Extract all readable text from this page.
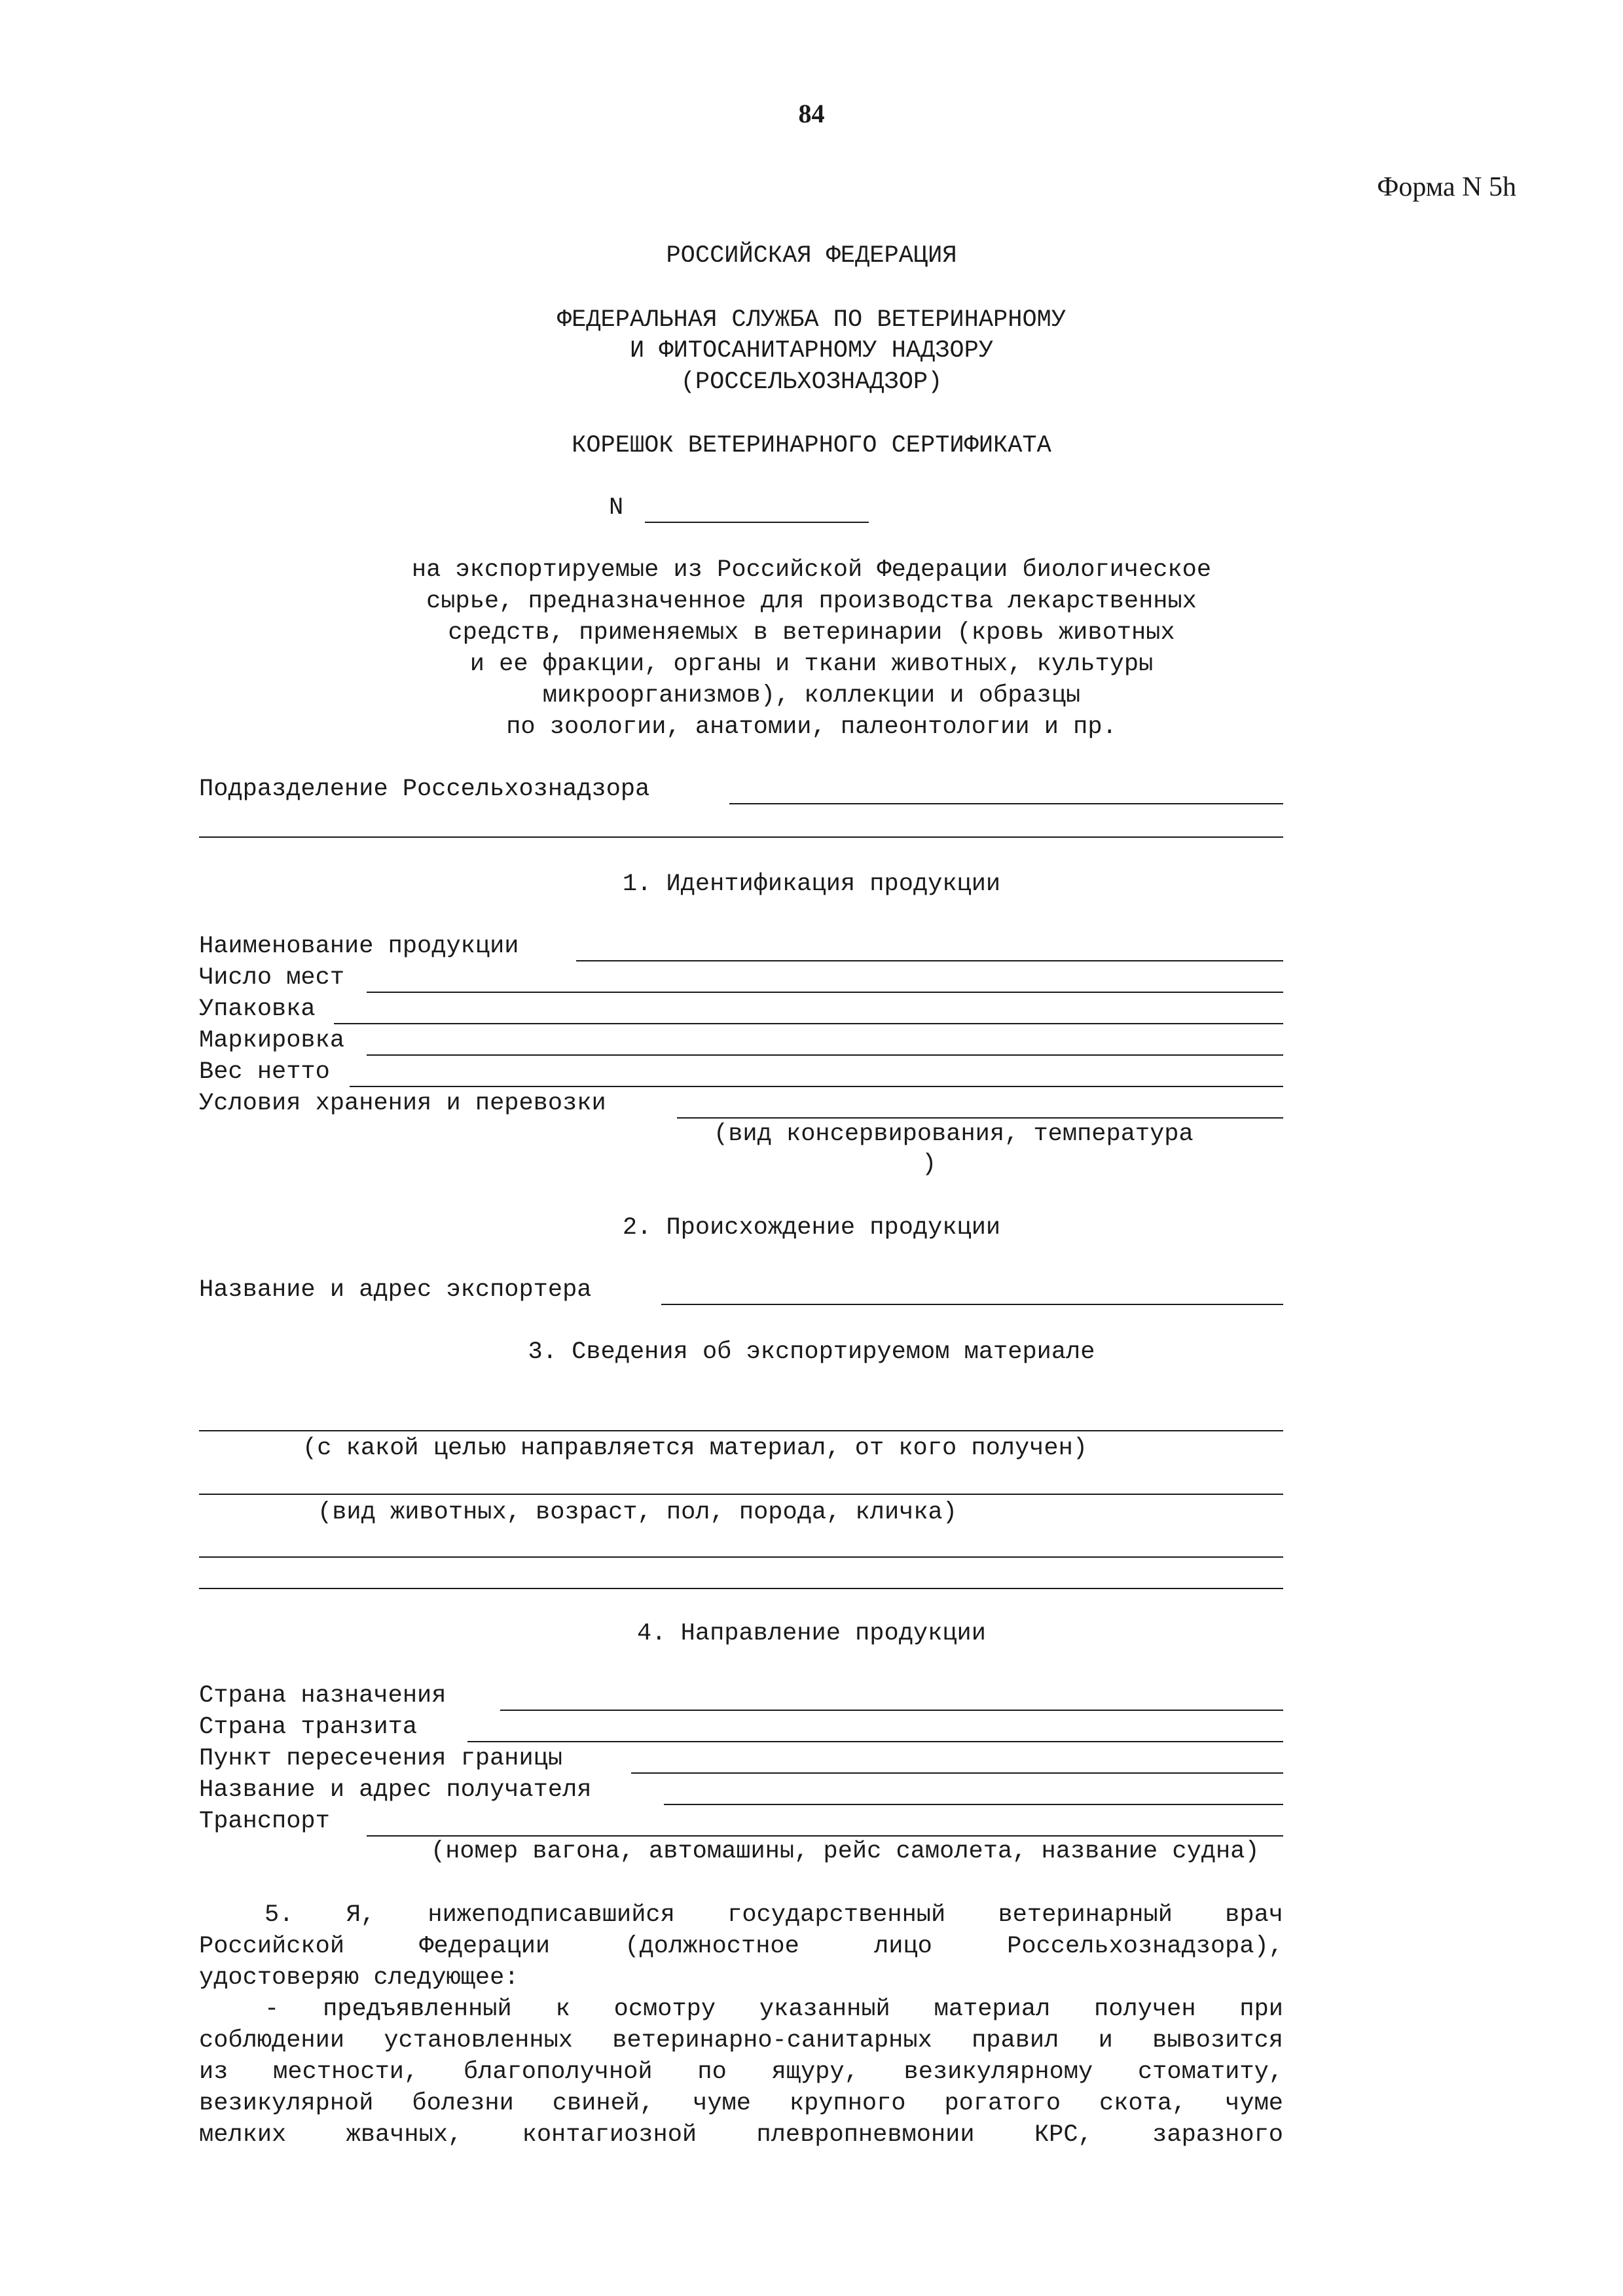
84
Форма N 5h
РОССИЙСКАЯ ФЕДЕРАЦИЯ
ФЕДЕРАЛЬНАЯ СЛУЖБА ПО ВЕТЕРИНАРНОМУ
И ФИТОСАНИТАРНОМУ НАДЗОРУ
(РОССЕЛЬХОЗНАДЗОР)
КОРЕШОК ВЕТЕРИНАРНОГО СЕРТИФИКАТА
N
на экспортируемые из Российской Федерации биологическое
сырье, предназначенное для производства лекарственных
средств, применяемых в ветеринарии (кровь животных
и ее фракции, органы и ткани животных, культуры
микроорганизмов), коллекции и образцы
по зоологии, анатомии, палеонтологии и пр.
Подразделение Россельхознадзора
1. Идентификация продукции
Наименование продукции
Число мест
Упаковка
Маркировка
Вес нетто
Условия хранения и перевозки
(вид консервирования, температура
)
2. Происхождение продукции
Название и адрес экспортера
3. Сведения об экспортируемом материале
(с какой целью направляется материал, от кого получен)
(вид животных, возраст, пол, порода, кличка)
4. Направление продукции
Страна назначения
Страна транзита
Пункт пересечения границы
Название и адрес получателя
Транспорт
(номер вагона, автомашины, рейс самолета, название судна)
5. Я, нижеподписавшийся государственный ветеринарный врач
Российской Федерации (должностное лицо Россельхознадзора),
удостоверяю следующее:
- предъявленный к осмотру указанный материал получен при
соблюдении установленных ветеринарно-санитарных правил и вывозится
из местности, благополучной по ящуру, везикулярному стоматиту,
везикулярной болезни свиней, чуме крупного рогатого скота, чуме
мелких жвачных, контагиозной плевропневмонии КРС, заразного
